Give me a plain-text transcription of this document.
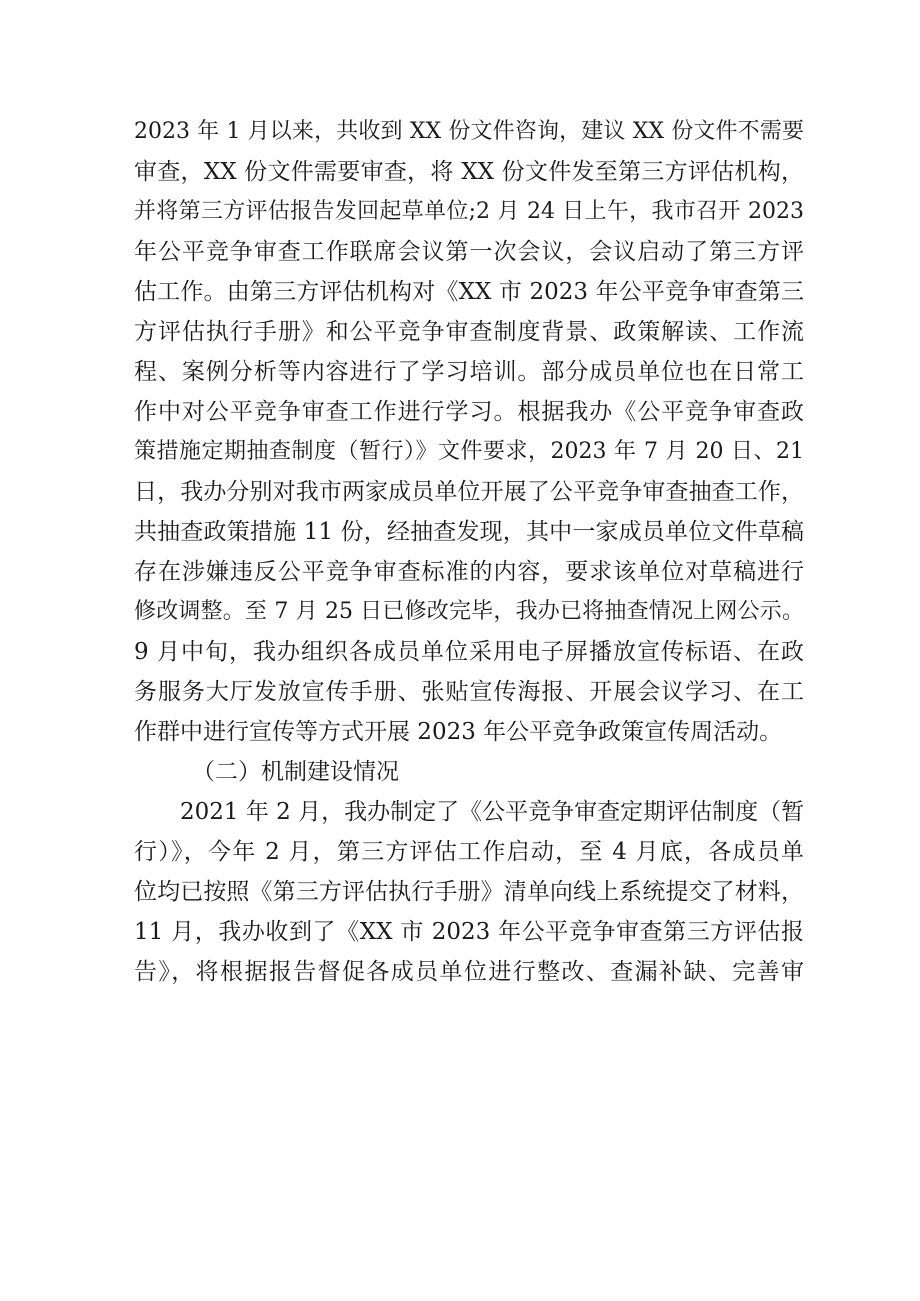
2023 年 1 月以来，共收到 XX 份文件咨询，建议 XX 份文件不需要
审查，XX 份文件需要审查，将 XX 份文件发至第三方评估机构，
并将第三方评估报告发回起草单位;2 月 24 日上午，我市召开 2023
年公平竞争审查工作联席会议第一次会议，会议启动了第三方评
估工作。由第三方评估机构对《XX 市 2023 年公平竞争审查第三
方评估执行手册》和公平竞争审查制度背景、政策解读、工作流
程、案例分析等内容进行了学习培训。部分成员单位也在日常工
作中对公平竞争审查工作进行学习。根据我办《公平竞争审查政
策措施定期抽查制度（暂行）》文件要求，2023 年 7 月 20 日、21
日，我办分别对我市两家成员单位开展了公平竞争审查抽查工作，
共抽查政策措施 11 份，经抽查发现，其中一家成员单位文件草稿
存在涉嫌违反公平竞争审查标准的内容，要求该单位对草稿进行
修改调整。至 7 月 25 日已修改完毕，我办已将抽查情况上网公示。
9 月中旬，我办组织各成员单位采用电子屏播放宣传标语、在政
务服务大厅发放宣传手册、张贴宣传海报、开展会议学习、在工
作群中进行宣传等方式开展 2023 年公平竞争政策宣传周活动。
（二）机制建设情况
2021 年 2 月，我办制定了《公平竞争审查定期评估制度（暂
行）》，今年 2 月，第三方评估工作启动，至 4 月底，各成员单
位均已按照《第三方评估执行手册》清单向线上系统提交了材料，
11 月，我办收到了《XX 市 2023 年公平竞争审查第三方评估报
告》，将根据报告督促各成员单位进行整改、查漏补缺、完善审
